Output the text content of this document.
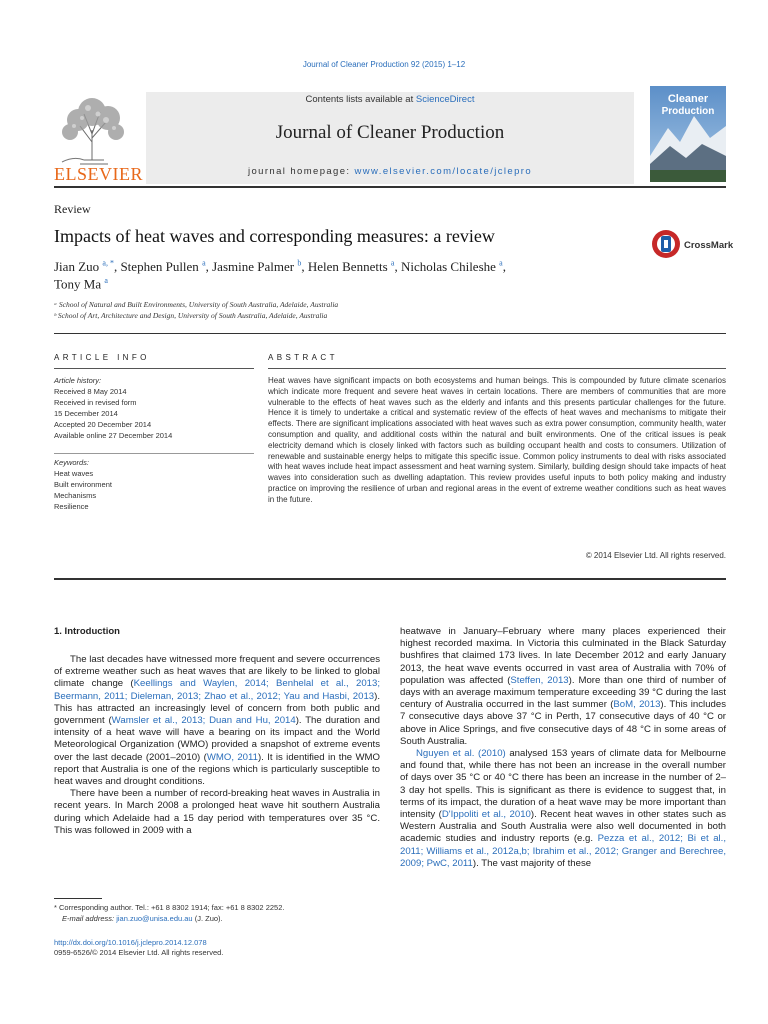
Journal of Cleaner Production 92 (2015) 1–12
ELSEVIER
Contents lists available at ScienceDirect
Journal of Cleaner Production
journal homepage: www.elsevier.com/locate/jclepro
Cleaner
Production
Review
Impacts of heat waves and corresponding measures: a review	CrossMark
Jian Zuo $^{a, *}$, Stephen Pullen $^a$, Jasmine Palmer $^b$, Helen Bennetts $^a$, Nicholas Chileshe $^a$,
Tony Ma $^a$
ᵃ School of Natural and Built Environments, University of South Australia, Adelaide, Australia
ᵇ School of Art, Architecture and Design, University of South Australia, Adelaide, Australia
ARTICLE INFO	ABSTRACT
Article history:
Received 8 May 2014
Received in revised form
15 December 2014
Accepted 20 December 2014
Available online 27 December 2014
Keywords:
Heat waves
Built environment
Mechanisms
Resilience
Heat waves have significant impacts on both ecosystems and human beings. This is compounded by future climate scenarios which indicate more frequent and severe heat waves in certain locations. There are members of communities that are more vulnerable to the effects of heat waves such as the elderly and infants and this presents particular challenges for the future. Hence it is timely to undertake a critical and systematic review of the effects of heat waves and mechanisms to mitigate their effects. There are significant implications associated with heat waves such as extra power consumption, community health, water consumption and quality, and additional costs within the natural and built environments. One of the critical issues is peak electricity demand which is closely linked with factors such as building occupant health and costs to consumers. Utilization of renewable and sustainable energy helps to mitigate this specific issue. Common policy instruments to deal with risks associated with heat waves include heat impact assessment and heat warning system. Similarly, building design should take impacts of heat waves into consideration such as dwelling adaptation. This review provides useful inputs to both policy making and industry practice on improving the resilience of urban and regional areas in the event of extreme weather conditions such as heat waves in the future.
© 2014 Elsevier Ltd. All rights reserved.
1. Introduction

The last decades have witnessed more frequent and severe occurrences of extreme weather such as heat waves that are likely to be linked to global climate change (Keellings and Waylen, 2014; Benhelal et al., 2013; Beermann, 2011; Dieleman, 2013; Zhao et al., 2012; Yau and Hasbi, 2013). This has attracted an increasingly level of concern from both public and government (Wamsler et al., 2013; Duan and Hu, 2014). The duration and intensity of a heat wave will have a bearing on its impact and the World Meteorological Organization (WMO) provided a snapshot of extreme events over the last decade (2001–2010) (WMO, 2011). It is identified in the WMO report that Australia is one of the regions which is particularly susceptible to heat waves and drought conditions.

There have been a number of record-breaking heat waves in Australia in recent years. In March 2008 a prolonged heat wave hit southern Australia during which Adelaide had a 15 day period with temperatures over 35 °C. This was followed in 2009 with a

heatwave in January–February where many places experienced their highest recorded maxima. In Victoria this culminated in the Black Saturday bushfires that claimed 173 lives. In late December 2012 and early January 2013, the heat wave events occurred in vast area of Australia with 70% of population was affected (Steffen, 2013). More than one third of number of days with an average maximum temperature exceeding 39 °C during the last century of Australia occurred in the last summer (BoM, 2013). This includes 7 consecutive days above 37 °C in Perth, 17 consecutive days of 40 °C or above in Alice Springs, and five consecutive days of 48 °C in some areas of South Australia.

Nguyen et al. (2010) analysed 153 years of climate data for Melbourne and found that, while there has not been an increase in the overall number of days over 35 °C or 40 °C there has been an increase in the number of 2–3 day hot spells. This is significant as there is evidence to suggest that, in terms of its impact, the duration of a heat wave may be more important than intensity (D'Ippoliti et al., 2010). Recent heat waves in other states such as Western Australia and South Australia were also well documented in both academic studies and industry reports (e.g. Pezza et al., 2012; Bi et al., 2011; Williams et al., 2012a,b; Ibrahim et al., 2012; Granger and Berechree, 2009; PwC, 2011). The vast majority of these

* Corresponding author. Tel.: +61 8 8302 1914; fax: +61 8 8302 2252.
E-mail address: jian.zuo@unisa.edu.au (J. Zuo).
http://dx.doi.org/10.1016/j.jclepro.2014.12.078
0959-6526/© 2014 Elsevier Ltd. All rights reserved.
